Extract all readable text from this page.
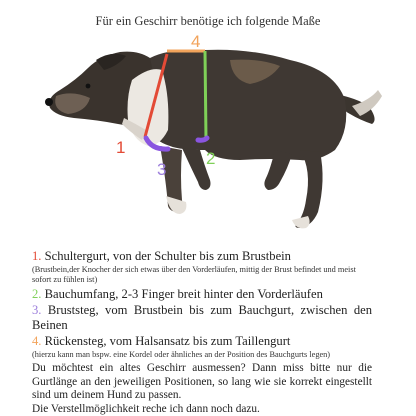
Für ein Geschirr benötige ich folgende Maße
1
2
3
4
1. Schultergurt, von der Schulter bis zum Brustbein
(Brustbein,der Knocher der sich etwas über den Vorderläufen, mittig der Brust befindet und meist sofort zu fühlen ist)
2. Bauchumfang, 2-3 Finger breit hinter den Vorderläufen
3. Bruststeg, vom Brustbein bis zum Bauchgurt, zwischen den Beinen
4. Rückensteg, vom Halsansatz bis zum Taillengurt
(hierzu kann man bspw. eine Kordel oder ähnliches an der Position des Bauchgurts legen)

Du möchtest ein altes Geschirr ausmessen? Dann miss bitte nur die Gurtlänge an den jeweiligen Positionen, so lang wie sie korrekt eingestellt sind um deinem Hund zu passen.

Die Verstellmöglichkeit reche ich dann noch dazu.
